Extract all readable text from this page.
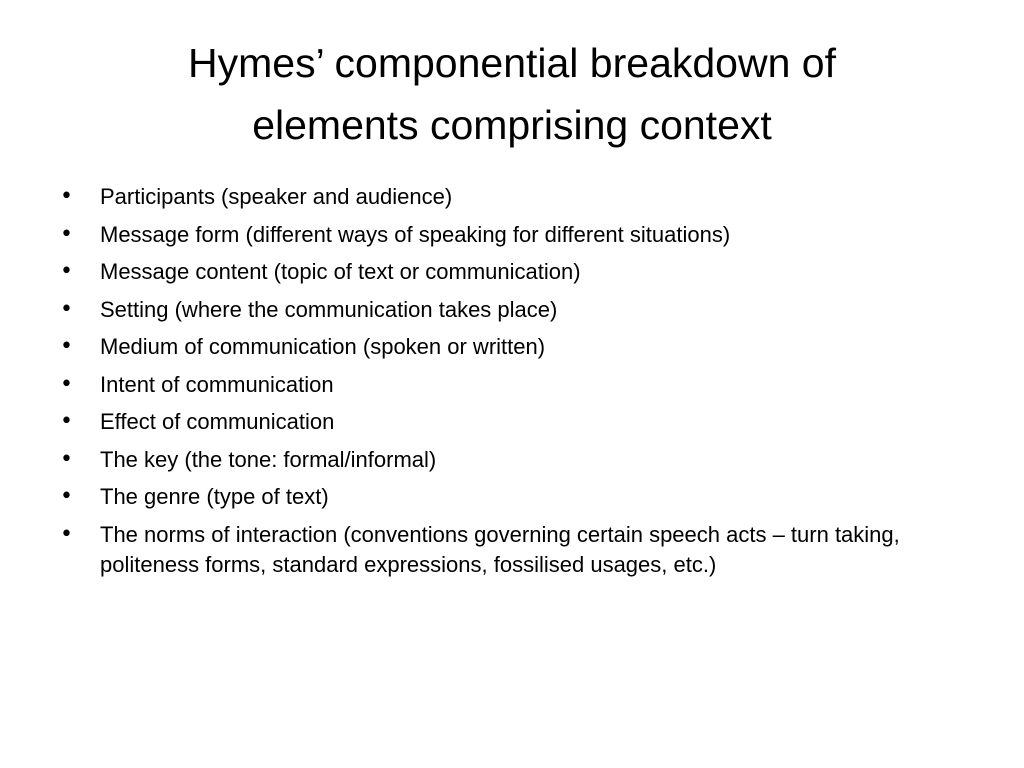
Hymes’ componential breakdown of
elements comprising context
• Participants (speaker and audience)
• Message form (different ways of speaking for different situations)
• Message content (topic of text or communication)
• Setting (where the communication takes place)
• Medium of communication (spoken or written)
• Intent of communication
• Effect of communication
• The key (the tone: formal/informal)
• The genre (type of text)
• The norms of interaction (conventions governing certain speech acts – turn taking, politeness forms, standard expressions, fossilised usages, etc.)
